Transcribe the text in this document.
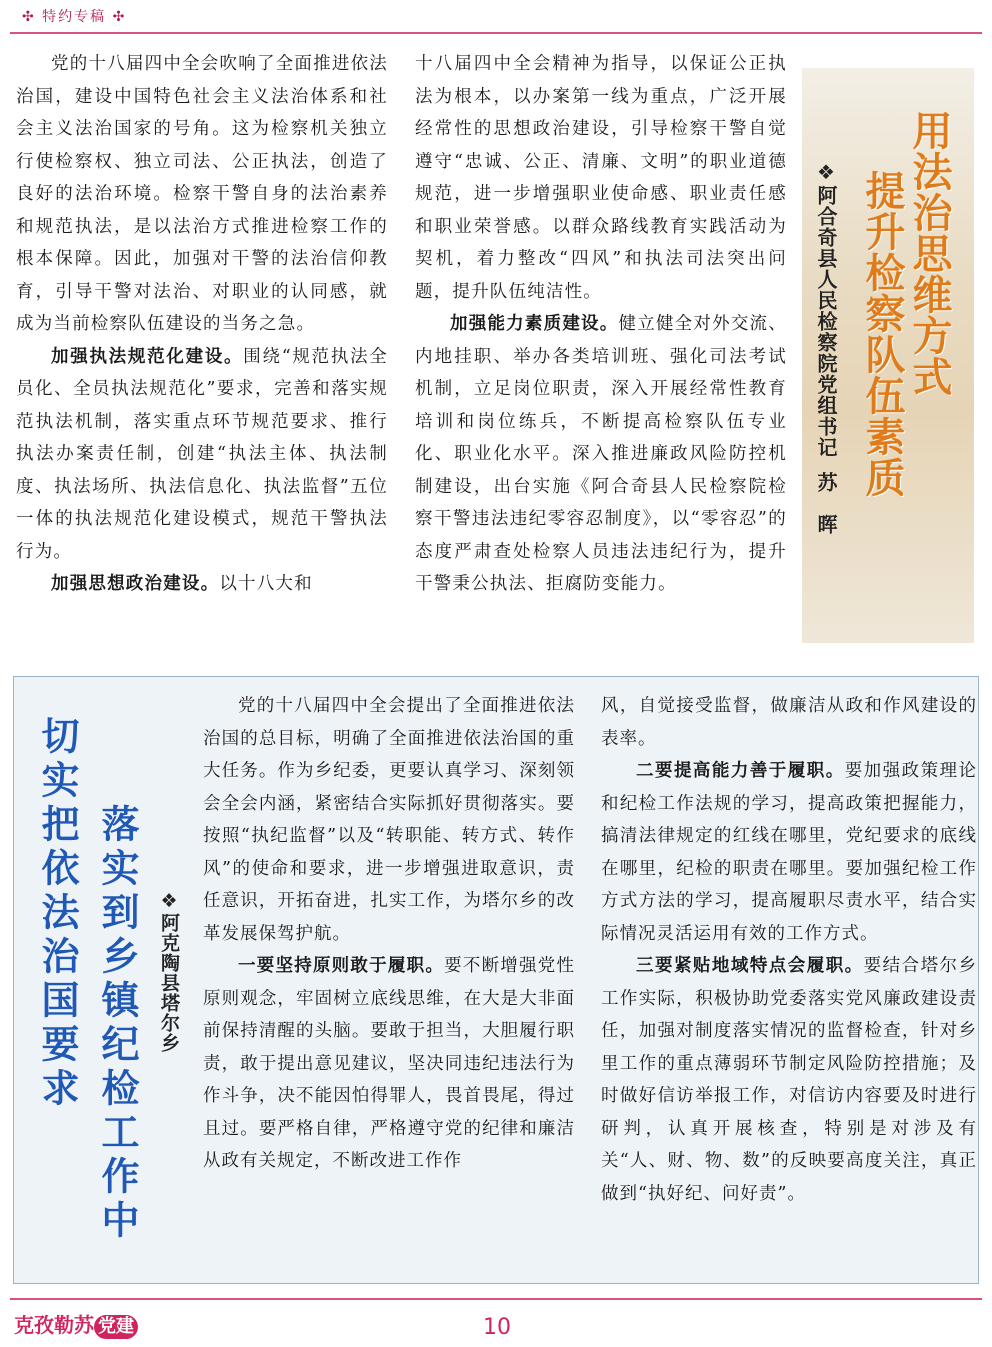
✣ 特约专稿 ✣

党的十八届四中全会吹响了全面推进依法治国，建设中国特色社会主义法治体系和社会主义法治国家的号角。这为检察机关独立行使检察权、独立司法、公正执法，创造了良好的法治环境。检察干警自身的法治素养和规范执法，是以法治方式推进检察工作的根本保障。因此，加强对干警的法治信仰教育，引导干警对法治、对职业的认同感，就成为当前检察队伍建设的当务之急。

加强执法规范化建设。围绕“规范执法全员化、全员执法规范化”要求，完善和落实规范执法机制，落实重点环节规范要求、推行执法办案责任制，创建“执法主体、执法制度、执法场所、执法信息化、执法监督”五位一体的执法规范化建设模式，规范干警执法行为。

加强思想政治建设。以十八大和

十八届四中全会精神为指导，以保证公正执法为根本，以办案第一线为重点，广泛开展经常性的思想政治建设，引导检察干警自觉遵守“忠诚、公正、清廉、文明”的职业道德规范，进一步增强职业使命感、职业责任感和职业荣誉感。以群众路线教育实践活动为契机，着力整改“四风”和执法司法突出问题，提升队伍纯洁性。

加强能力素质建设。健立健全对外交流、内地挂职、举办各类培训班、强化司法考试机制，立足岗位职责，深入开展经常性教育培训和岗位练兵，不断提高检察队伍专业化、职业化水平。深入推进廉政风险防控机制建设，出台实施《阿合奇县人民检察院检察干警违法违纪零容忍制度》，以“零容忍”的态度严肃查处检察人员违法违纪行为，提升干警秉公执法、拒腐防变能力。

用法治思维方式
提升检察队伍素质
❖阿合奇县人民检察院党组书记苏　晖
切实把依法治国要求 落实到乡镇纪检工作中 ❖阿克陶县塔尔乡

党的十八届四中全会提出了全面推进依法治国的总目标，明确了全面推进依法治国的重大任务。作为乡纪委，更要认真学习、深刻领会全会内涵，紧密结合实际抓好贯彻落实。要按照“执纪监督”以及“转职能、转方式、转作风”的使命和要求，进一步增强进取意识，责任意识，开拓奋进，扎实工作，为塔尔乡的改革发展保驾护航。

一要坚持原则敢于履职。要不断增强党性原则观念，牢固树立底线思维，在大是大非面前保持清醒的头脑。要敢于担当，大胆履行职责，敢于提出意见建议，坚决同违纪违法行为作斗争，决不能因怕得罪人，畏首畏尾，得过且过。要严格自律，严格遵守党的纪律和廉洁从政有关规定，不断改进工作作

风，自觉接受监督，做廉洁从政和作风建设的表率。

二要提高能力善于履职。要加强政策理论和纪检工作法规的学习，提高政策把握能力，搞清法律规定的红线在哪里，党纪要求的底线在哪里，纪检的职责在哪里。要加强纪检工作方式方法的学习，提高履职尽责水平，结合实际情况灵活运用有效的工作方式。

三要紧贴地域特点会履职。要结合塔尔乡工作实际，积极协助党委落实党风廉政建设责任，加强对制度落实情况的监督检查，针对乡里工作的重点薄弱环节制定风险防控措施；及时做好信访举报工作，对信访内容要及时进行研判，认真开展核查，特别是对涉及有关“人、财、物、数”的反映要高度关注，真正做到“执好纪、问好责”。

克孜勒苏 党建	10
